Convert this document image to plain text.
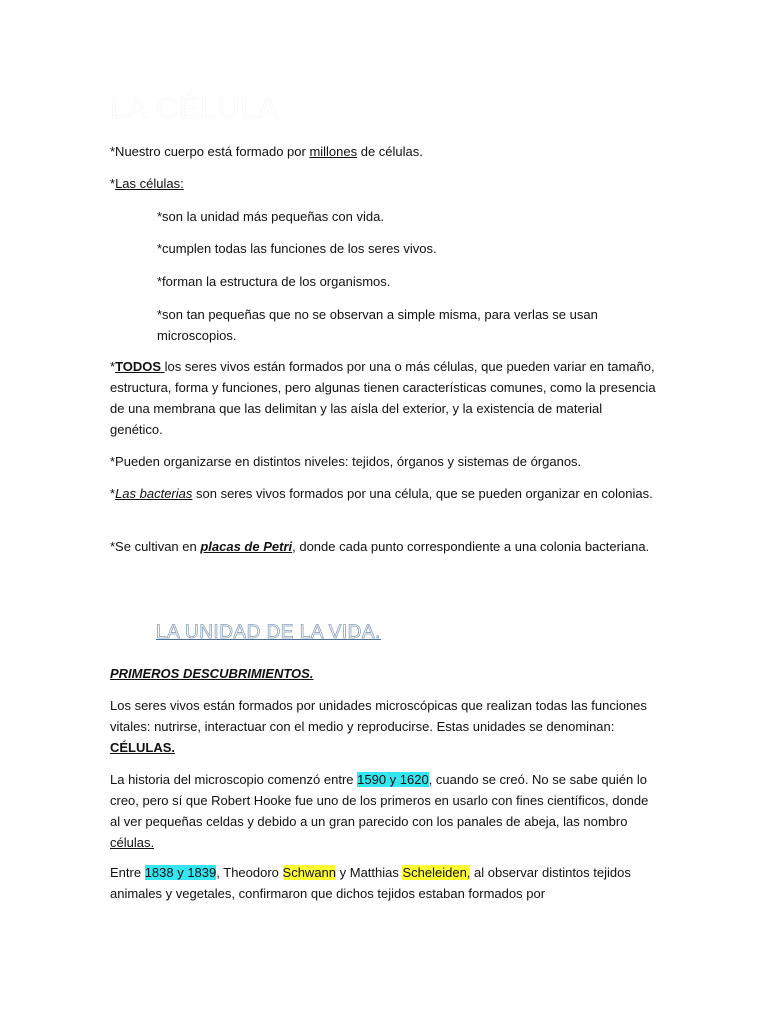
LA CÉLULA
*Nuestro cuerpo está formado por millones de células.
*Las células:
*son la unidad más pequeñas con vida.
*cumplen todas las funciones de los seres vivos.
*forman la estructura de los organismos.
*son tan pequeñas que no se observan a simple misma, para verlas se usan microscopios.
*TODOS los seres vivos están formados por una o más células, que pueden variar en tamaño, estructura, forma y funciones, pero algunas tienen características comunes, como la presencia de una membrana que las delimitan y las aísla del exterior, y la existencia de material genético.
*Pueden organizarse en distintos niveles: tejidos, órganos y sistemas de órganos.
*Las bacterias son seres vivos formados por una célula, que se pueden organizar en colonias.
*Se cultivan en placas de Petri, donde cada punto correspondiente a una colonia bacteriana.
LA UNIDAD DE LA VIDA.
PRIMEROS DESCUBRIMIENTOS.
Los seres vivos están formados por unidades microscópicas que realizan todas las funciones vitales: nutrirse, interactuar con el medio y reproducirse. Estas unidades se denominan: CÉLULAS.
La historia del microscopio comenzó entre 1590 y 1620, cuando se creó. No se sabe quién lo creo, pero sí que Robert Hooke fue uno de los primeros en usarlo con fines científicos, donde al ver pequeñas celdas y debido a un gran parecido con los panales de abeja, las nombro células.
Entre 1838 y 1839, Theodoro Schwann y Matthias Scheleiden, al observar distintos tejidos animales y vegetales, confirmaron que dichos tejidos estaban formados por
